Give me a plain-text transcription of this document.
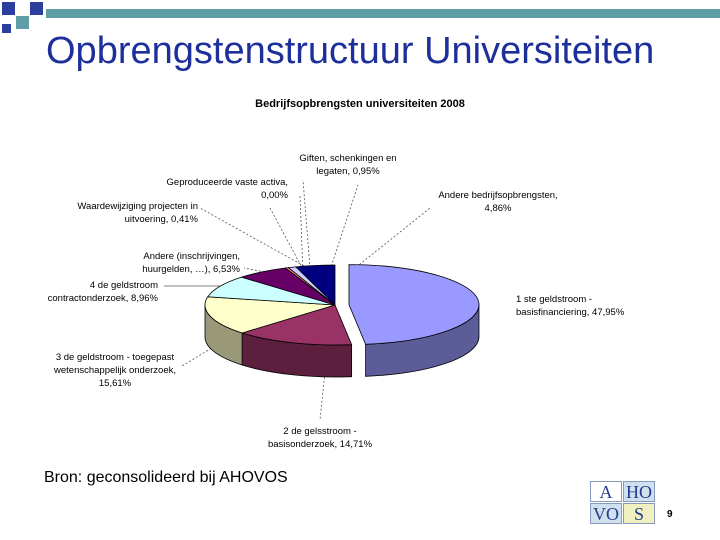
Opbrengstenstructuur Universiteiten
Bedrijfsopbrengsten universiteiten 2008
1 ste geldstroom -
basisfinanciering, 47,95%
2 de gelsstroom -
basisonderzoek, 14,71%
3 de geldstroom - toegepast
wetenschappelijk onderzoek,
15,61%
4 de geldstroom
contractonderzoek, 8,96%
Andere (inschrijvingen,
huurgelden, …), 6,53%
Waardewijziging projecten in
uitvoering, 0,41%
Geproduceerde vaste activa,
0,00%
Giften, schenkingen en
legaten, 0,95%
Andere bedrijfsopbrengsten,
4,86%
Bron: geconsolideerd bij AHOVOS
A HO
VO S	9
